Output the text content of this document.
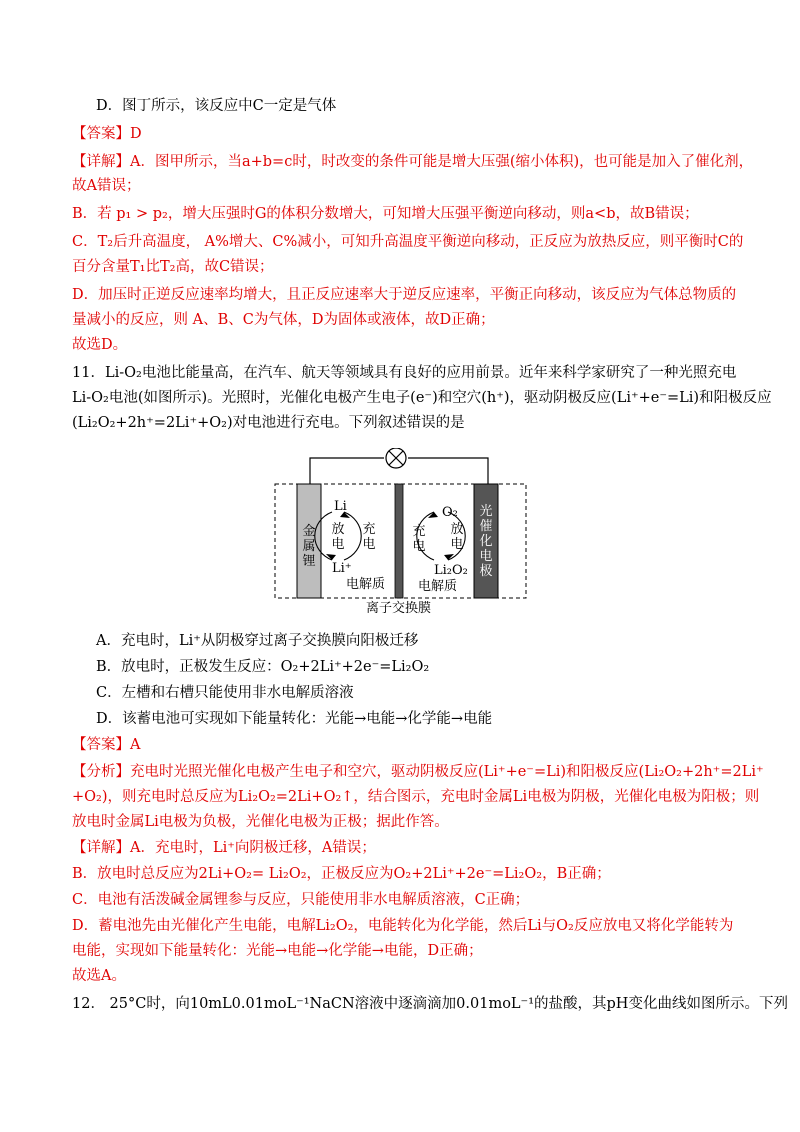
D．图丁所示，该反应中C一定是气体
【答案】D
【详解】A．图甲所示，当a+b=c时，时改变的条件可能是增大压强(缩小体积)，也可能是加入了催化剂，
故A错误；
B．若 p₁ > p₂，增大压强时G的体积分数增大，可知增大压强平衡逆向移动，则a<b，故B错误；
C．T₂后升高温度， A%增大、C%减小，可知升高温度平衡逆向移动，正反应为放热反应，则平衡时C的
百分含量T₁比T₂高，故C错误；
D．加压时正逆反应速率均增大，且正反应速率大于逆反应速率，平衡正向移动，该反应为气体总物质的
量减小的反应，则 A、B、C为气体，D为固体或液体，故D正确；
故选D。
11．Li-O₂电池比能量高，在汽车、航天等领域具有良好的应用前景。近年来科学家研究了一种光照充电
Li-O₂电池(如图所示)。光照时，光催化电极产生电子(e⁻)和空穴(h⁺)，驱动阴极反应(Li⁺+e⁻=Li)和阳极反应
(Li₂O₂+2h⁺=2Li⁺+O₂)对电池进行充电。下列叙述错误的是
金
属
锂
光
催
化
电
极
Li
放
电
充
电
Li⁺
电解质
O₂
充
电
放
电
Li₂O₂
电解质
离子交换膜
A．充电时，Li⁺从阴极穿过离子交换膜向阳极迁移
B．放电时，正极发生反应：O₂+2Li⁺+2e⁻=Li₂O₂
C．左槽和右槽只能使用非水电解质溶液
D．该蓄电池可实现如下能量转化：光能→电能→化学能→电能
【答案】A
【分析】充电时光照光催化电极产生电子和空穴，驱动阴极反应(Li⁺+e⁻=Li)和阳极反应(Li₂O₂+2h⁺=2Li⁺
+O₂)，则充电时总反应为Li₂O₂=2Li+O₂↑，结合图示，充电时金属Li电极为阴极，光催化电极为阳极；则
放电时金属Li电极为负极，光催化电极为正极；据此作答。
【详解】A．充电时，Li⁺向阴极迁移，A错误；
B．放电时总反应为2Li+O₂= Li₂O₂，正极反应为O₂+2Li⁺+2e⁻=Li₂O₂，B正确；
C．电池有活泼碱金属锂参与反应，只能使用非水电解质溶液，C正确；
D．蓄电池先由光催化产生电能，电解Li₂O₂，电能转化为化学能，然后Li与O₂反应放电又将化学能转为
电能，实现如下能量转化：光能→电能→化学能→电能，D正确；
故选A。
12． 25°C时，向10mL0.01moL⁻¹NaCN溶液中逐滴滴加0.01moL⁻¹的盐酸，其pH变化曲线如图所示。下列
